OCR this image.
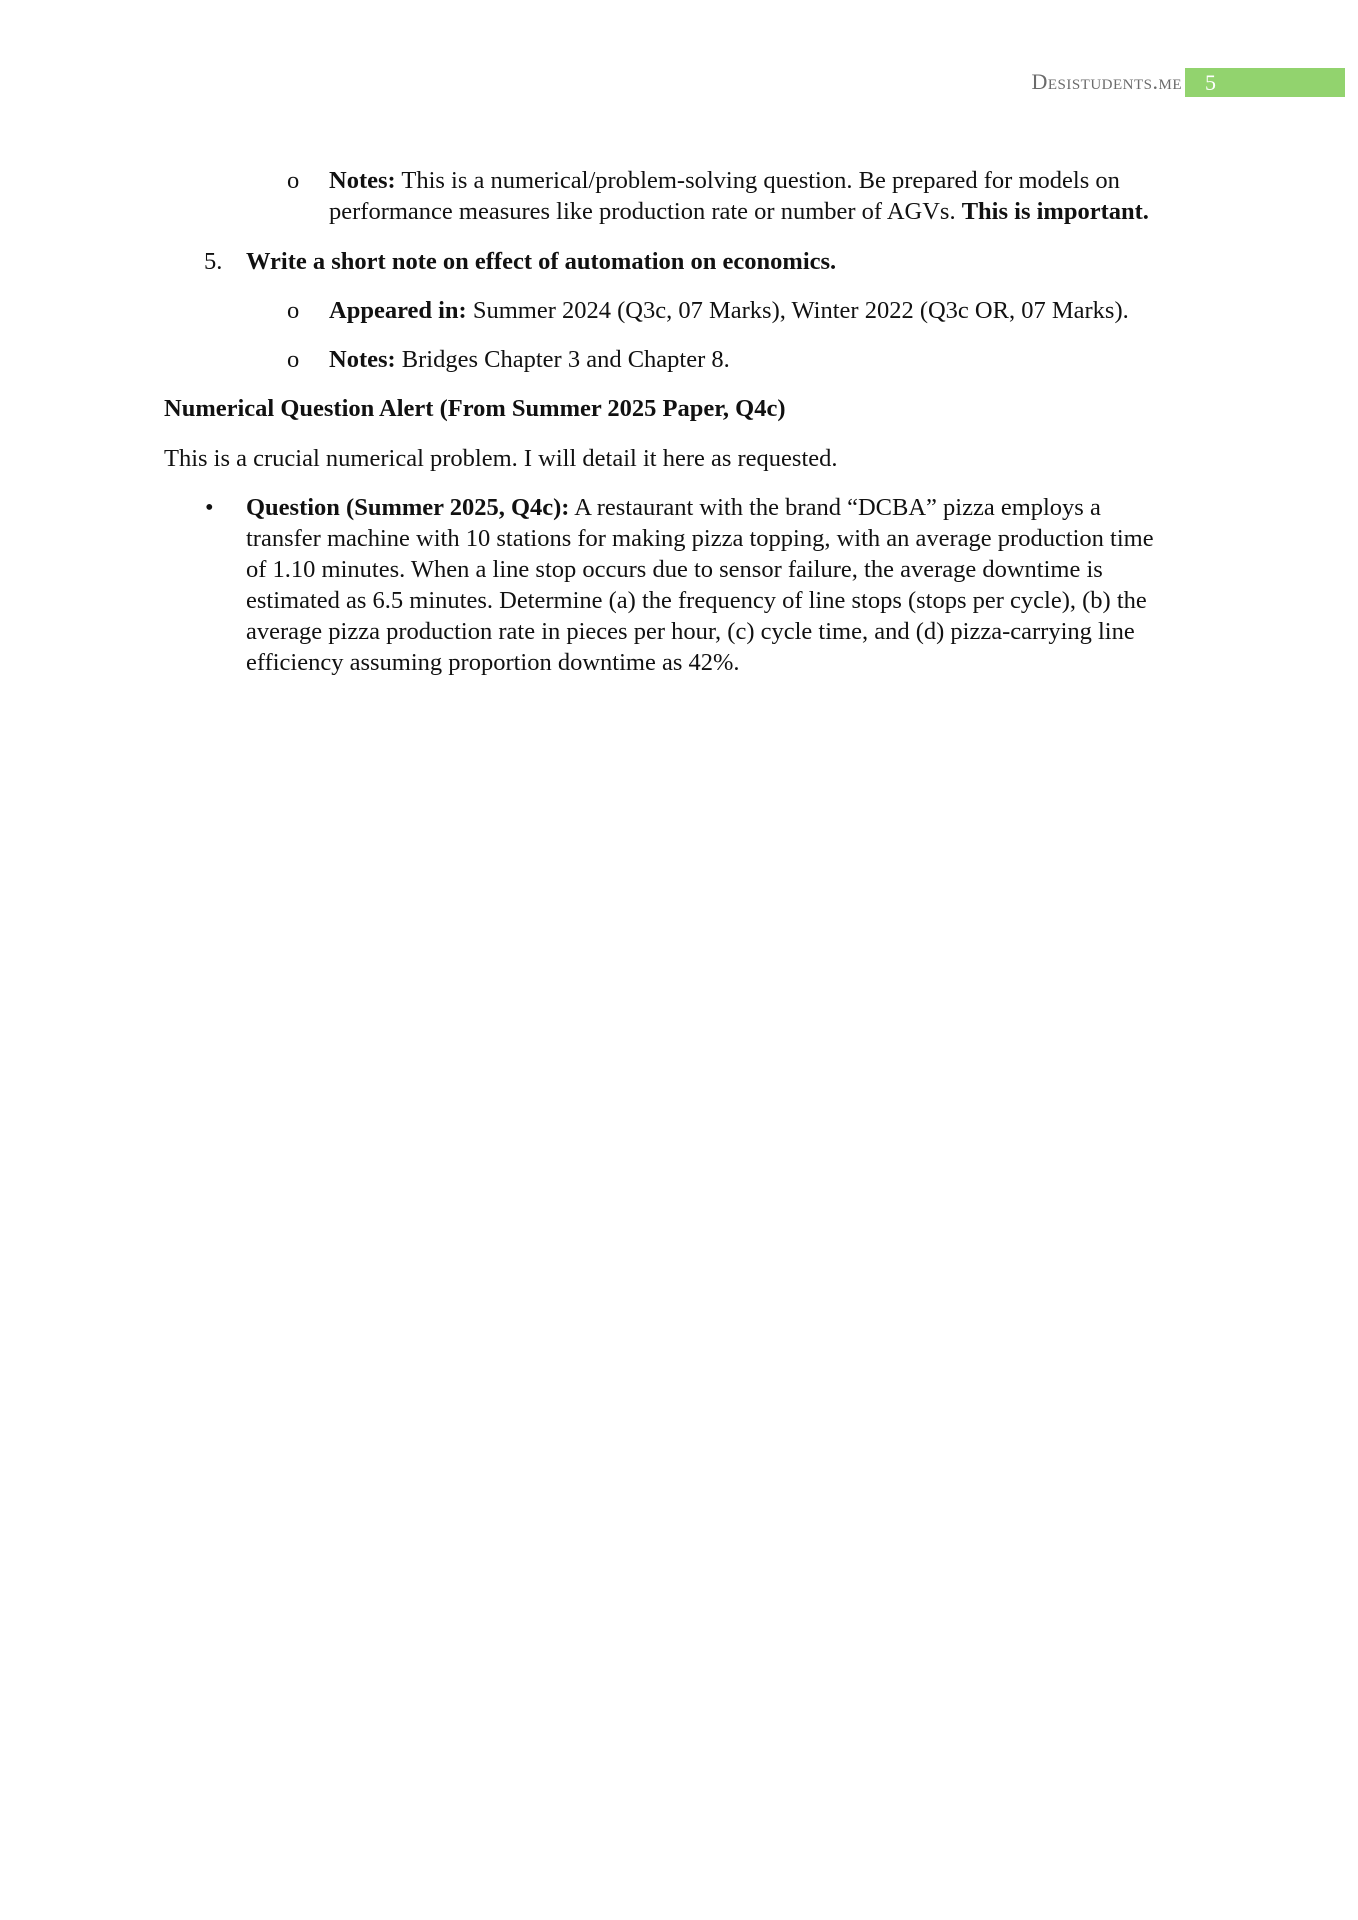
Desistudents.me	5
o Notes: This is a numerical/problem-solving question. Be prepared for models on
performance measures like production rate or number of AGVs. This is important.
5. Write a short note on effect of automation on economics.
o Appeared in: Summer 2024 (Q3c, 07 Marks), Winter 2022 (Q3c OR, 07 Marks).
o Notes: Bridges Chapter 3 and Chapter 8.
Numerical Question Alert (From Summer 2025 Paper, Q4c)
This is a crucial numerical problem. I will detail it here as requested.
• Question (Summer 2025, Q4c): A restaurant with the brand “DCBA” pizza employs a
transfer machine with 10 stations for making pizza topping, with an average production time
of 1.10 minutes. When a line stop occurs due to sensor failure, the average downtime is
estimated as 6.5 minutes. Determine (a) the frequency of line stops (stops per cycle), (b) the
average pizza production rate in pieces per hour, (c) cycle time, and (d) pizza-carrying line
efficiency assuming proportion downtime as 42%.
